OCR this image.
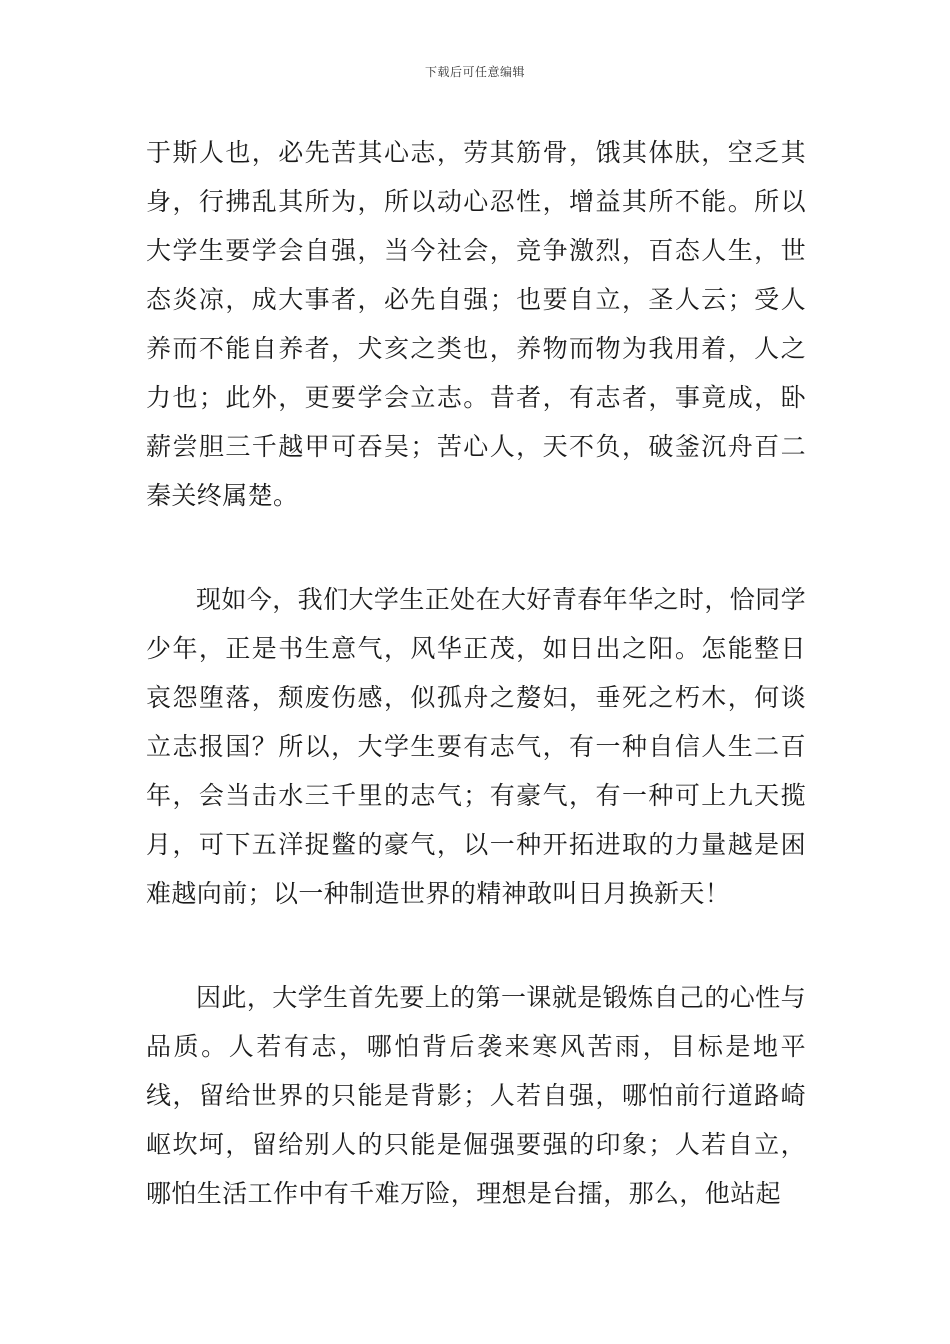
下载后可任意编辑

于斯人也，必先苦其心志，劳其筋骨，饿其体肤，空乏其身，行拂乱其所为，所以动心忍性，增益其所不能。所以大学生要学会自强，当今社会，竞争激烈，百态人生，世态炎凉，成大事者，必先自强；也要自立，圣人云；受人养而不能自养者，犬亥之类也，养物而物为我用着，人之力也；此外，更要学会立志。昔者，有志者，事竟成，卧薪尝胆三千越甲可吞吴；苦心人，天不负，破釜沉舟百二秦关终属楚。

现如今，我们大学生正处在大好青春年华之时，恰同学少年，正是书生意气，风华正茂，如日出之阳。怎能整日哀怨堕落，颓废伤感，似孤舟之嫠妇，垂死之朽木，何谈立志报国？所以，大学生要有志气，有一种自信人生二百年，会当击水三千里的志气；有豪气，有一种可上九天揽月，可下五洋捉鳖的豪气，以一种开拓进取的力量越是困难越向前；以一种制造世界的精神敢叫日月换新天！

因此，大学生首先要上的第一课就是锻炼自己的心性与品质。人若有志，哪怕背后袭来寒风苦雨，目标是地平线，留给世界的只能是背影；人若自强，哪怕前行道路崎岖坎坷，留给别人的只能是倔强要强的印象；人若自立，哪怕生活工作中有千难万险，理想是台擂，那么，他站起
